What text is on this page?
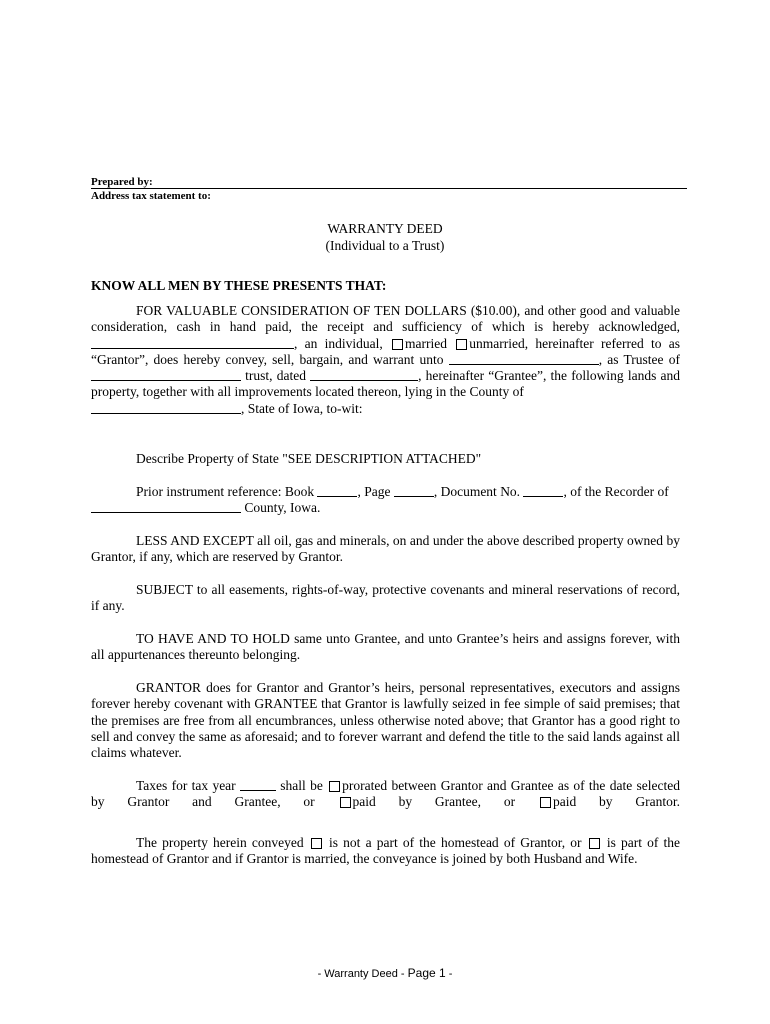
Prepared by:
Address tax statement to:
WARRANTY DEED
(Individual to a Trust)
KNOW ALL MEN BY THESE PRESENTS THAT:
FOR VALUABLE CONSIDERATION OF TEN DOLLARS ($10.00), and other good and valuable consideration, cash in hand paid, the receipt and sufficiency of which is hereby acknowledged,
, an individual, married unmarried, hereinafter referred to as
“Grantor”, does hereby convey, sell, bargain, and warrant unto	, as Trustee of
trust, dated	, hereinafter “Grantee”, the following lands and property, together with all improvements located thereon, lying in the County of
, State of Iowa, to-wit:
Describe Property of State "SEE DESCRIPTION ATTACHED"
Prior instrument reference: Book	, Page	, Document No.	, of the Recorder of
County, Iowa.
LESS AND EXCEPT all oil, gas and minerals, on and under the above described property owned by Grantor, if any, which are reserved by Grantor.
SUBJECT to all easements, rights-of-way, protective covenants and mineral reservations of record, if any.
TO HAVE AND TO HOLD same unto Grantee, and unto Grantee’s heirs and assigns forever, with all appurtenances thereunto belonging.
GRANTOR does for Grantor and Grantor’s heirs, personal representatives, executors and assigns forever hereby covenant with GRANTEE that Grantor is lawfully seized in fee simple of said premises; that the premises are free from all encumbrances, unless otherwise noted above; that Grantor has a good right to sell and convey the same as aforesaid; and to forever warrant and defend the title to the said lands against all claims whatever.
Taxes for tax year	shall be prorated between Grantor and Grantee as of the date selected by Grantor and Grantee, or	paid by Grantee, or	paid by Grantor.
The property herein conveyed is not a part of the homestead of Grantor, or is part of the homestead of Grantor and if Grantor is married, the conveyance is joined by both Husband and Wife.
- Warranty Deed - Page 1 -
